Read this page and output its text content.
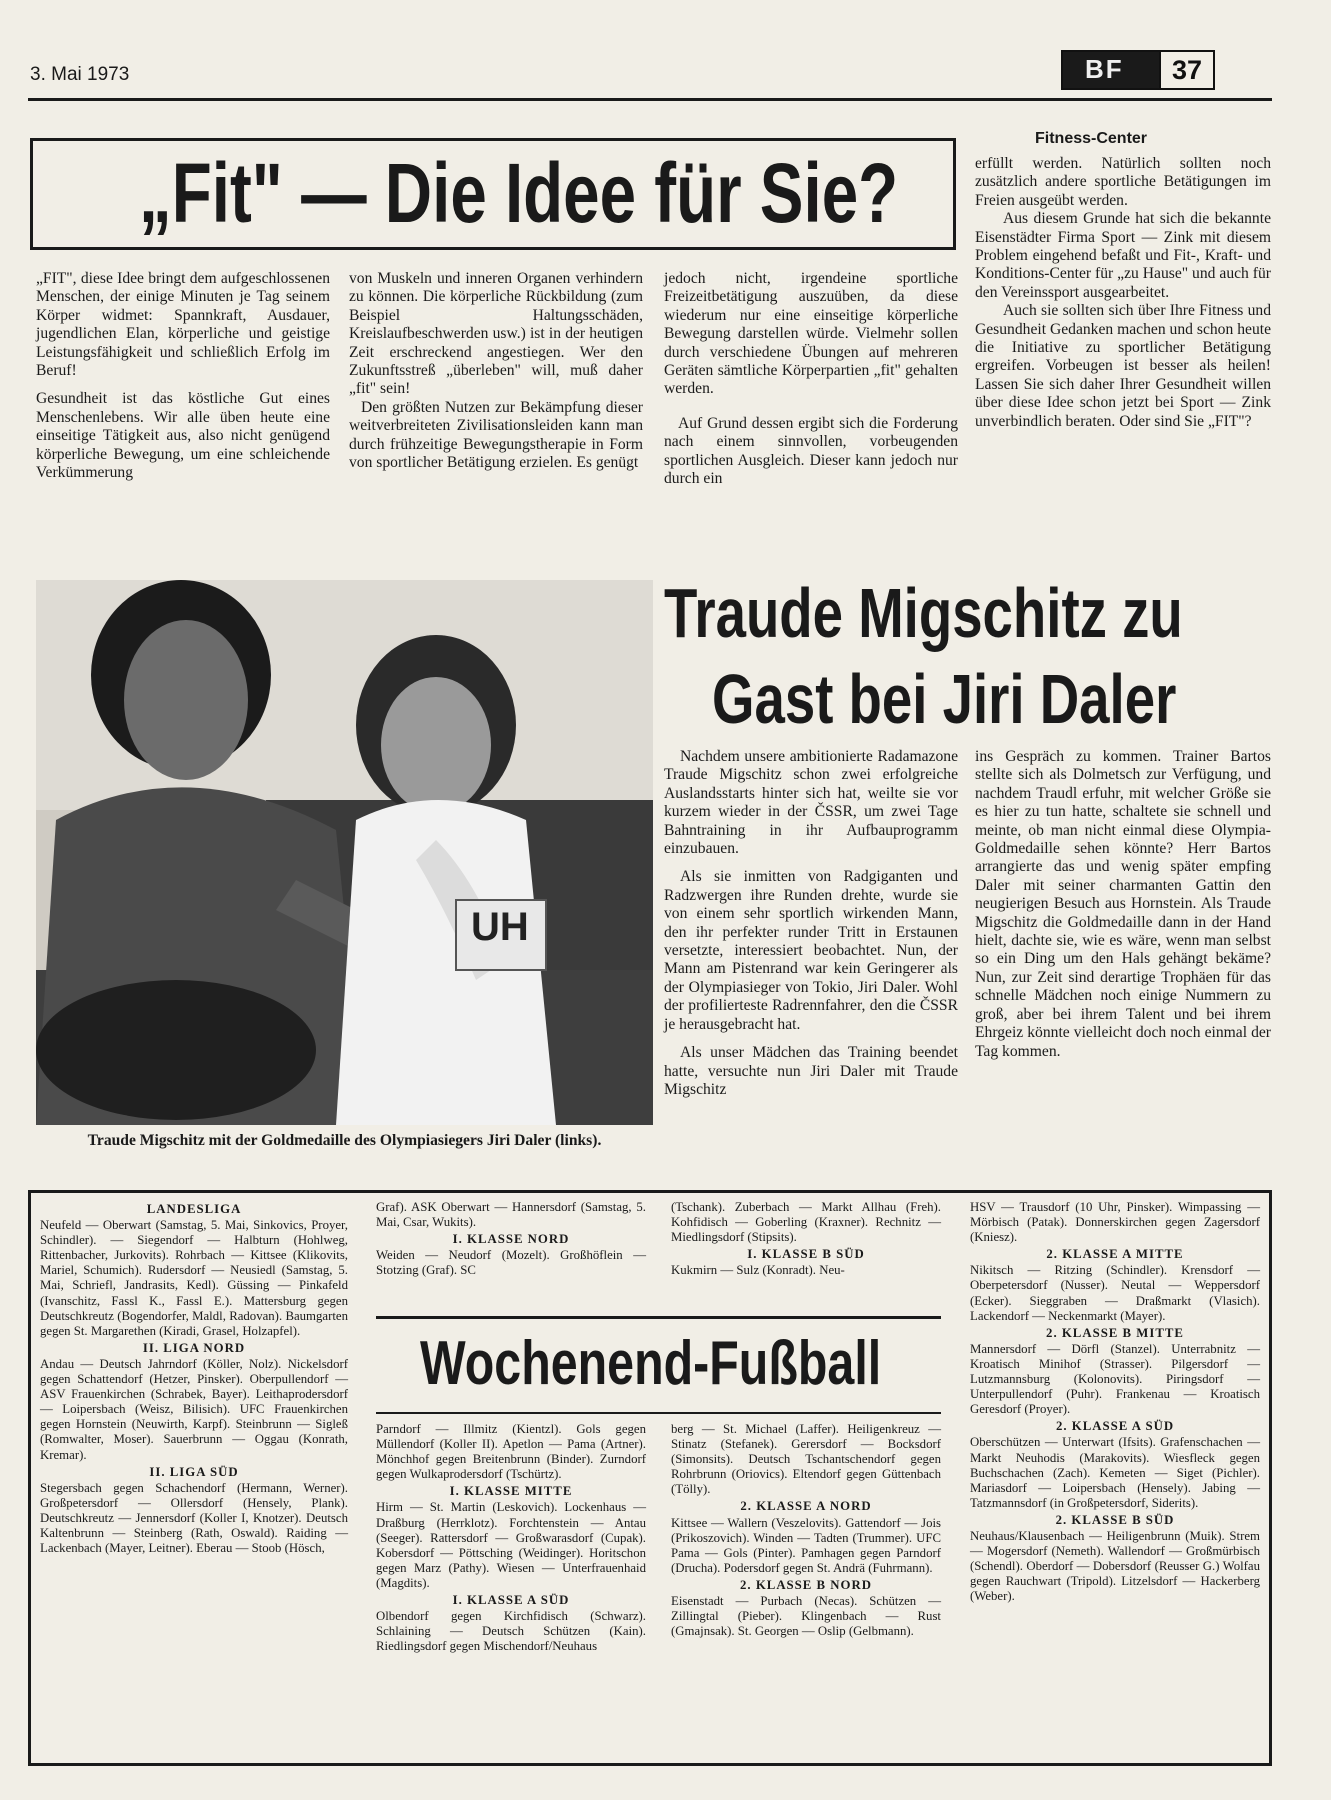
3. Mai 1973	BF	37
„Fit" — Die Idee für Sie?

„FIT", diese Idee bringt dem aufgeschlossenen Menschen, der einige Minuten je Tag seinem Körper widmet: Spannkraft, Ausdauer, jugendlichen Elan, körperliche und geistige Leistungsfähigkeit und schließlich Erfolg im Beruf!

Gesundheit ist das köstliche Gut eines Menschenlebens. Wir alle üben heute eine einseitige Tätigkeit aus, also nicht genügend körperliche Bewegung, um eine schleichende Verkümmerung

von Muskeln und inneren Organen verhindern zu können. Die körperliche Rückbildung (zum Beispiel Haltungsschäden, Kreislaufbeschwerden usw.) ist in der heutigen Zeit erschreckend angestiegen. Wer den Zukunftsstreß „überleben" will, muß daher „fit" sein!

Den größten Nutzen zur Bekämpfung dieser weitverbreiteten Zivilisationsleiden kann man durch frühzeitige Bewegungstherapie in Form von sportlicher Betätigung erzielen. Es genügt

jedoch nicht, irgendeine sportliche Freizeitbetätigung auszuüben, da diese wiederum nur eine einseitige körperliche Bewegung darstellen würde. Vielmehr sollen durch verschiedene Übungen auf mehreren Geräten sämtliche Körperpartien „fit" gehalten werden.

Auf Grund dessen ergibt sich die Forderung nach einem sinnvollen, vorbeugenden sportlichen Ausgleich. Dieser kann jedoch nur durch ein

Fitness-Center

erfüllt werden. Natürlich sollten noch zusätzlich andere sportliche Betätigungen im Freien ausgeübt werden.

Aus diesem Grunde hat sich die bekannte Eisenstädter Firma Sport — Zink mit diesem Problem eingehend befaßt und Fit-, Kraft- und Konditions-Center für „zu Hause" und auch für den Vereinssport ausgearbeitet.

Auch sie sollten sich über Ihre Fitness und Gesundheit Gedanken machen und schon heute die Initiative zu sportlicher Betätigung ergreifen. Vorbeugen ist besser als heilen! Lassen Sie sich daher Ihrer Gesundheit willen über diese Idee schon jetzt bei Sport — Zink unverbindlich beraten. Oder sind Sie „FIT"?

UH
Traude Migschitz mit der Goldmedaille des Olympiasiegers Jiri Daler (links).
Traude Migschitz zu
Gast bei Jiri Daler

Nachdem unsere ambitionierte Radamazone Traude Migschitz schon zwei erfolgreiche Auslandsstarts hinter sich hat, weilte sie vor kurzem wieder in der ČSSR, um zwei Tage Bahntraining in ihr Aufbauprogramm einzubauen.

Als sie inmitten von Radgiganten und Radzwergen ihre Runden drehte, wurde sie von einem sehr sportlich wirkenden Mann, den ihr perfekter runder Tritt in Erstaunen versetzte, interessiert beobachtet. Nun, der Mann am Pistenrand war kein Geringerer als der Olympiasieger von Tokio, Jiri Daler. Wohl der profilierteste Radrennfahrer, den die ČSSR je herausgebracht hat.

Als unser Mädchen das Training beendet hatte, versuchte nun Jiri Daler mit Traude Migschitz

ins Gespräch zu kommen. Trainer Bartos stellte sich als Dolmetsch zur Verfügung, und nachdem Traudl erfuhr, mit welcher Größe sie es hier zu tun hatte, schaltete sie schnell und meinte, ob man nicht einmal diese Olympia-Goldmedaille sehen könnte? Herr Bartos arrangierte das und wenig später empfing Daler mit seiner charmanten Gattin den neugierigen Besuch aus Hornstein. Als Traude Migschitz die Goldmedaille dann in der Hand hielt, dachte sie, wie es wäre, wenn man selbst so ein Ding um den Hals gehängt bekäme? Nun, zur Zeit sind derartige Trophäen für das schnelle Mädchen noch einige Nummern zu groß, aber bei ihrem Talent und bei ihrem Ehrgeiz könnte vielleicht doch noch einmal der Tag kommen.

LANDESLIGA
Neufeld — Oberwart (Samstag, 5. Mai, Sinkovics, Proyer, Schindler). — Siegendorf — Halbturn (Hohlweg, Rittenbacher, Jurkovits). Rohrbach — Kittsee (Klikovits, Mariel, Schumich). Rudersdorf — Neusiedl (Samstag, 5. Mai, Schriefl, Jandrasits, Kedl). Güssing — Pinkafeld (Ivanschitz, Fassl K., Fassl E.). Mattersburg gegen Deutschkreutz (Bogendorfer, Maldl, Radovan). Baumgarten gegen St. Margarethen (Kiradi, Grasel, Holzapfel).
II. LIGA NORD
Andau — Deutsch Jahrndorf (Köller, Nolz). Nickelsdorf gegen Schattendorf (Hetzer, Pinsker). Oberpullendorf — ASV Frauenkirchen (Schrabek, Bayer). Leithaprodersdorf — Loipersbach (Weisz, Bilisich). UFC Frauenkirchen gegen Hornstein (Neuwirth, Karpf). Steinbrunn — Sigleß (Romwalter, Moser). Sauerbrunn — Oggau (Konrath, Kremar).
II. LIGA SÜD
Stegersbach gegen Schachendorf (Hermann, Werner). Großpetersdorf — Ollersdorf (Hensely, Plank). Deutschkreutz — Jennersdorf (Koller I, Knotzer). Deutsch Kaltenbrunn — Steinberg (Rath, Oswald). Raiding — Lackenbach (Mayer, Leitner). Eberau — Stoob (Hösch,
Graf). ASK Oberwart — Hannersdorf (Samstag, 5. Mai, Csar, Wukits).
I. KLASSE NORD
Weiden — Neudorf (Mozelt). Großhöflein — Stotzing (Graf). SC
(Tschank). Zuberbach — Markt Allhau (Freh). Kohfidisch — Goberling (Kraxner). Rechnitz — Miedlingsdorf (Stipsits).
I. KLASSE B SÜD
Kukmirn — Sulz (Konradt). Neu-
Wochenend-Fußball
Parndorf — Illmitz (Kientzl). Gols gegen Müllendorf (Koller II). Apetlon — Pama (Artner). Mönchhof gegen Breitenbrunn (Binder). Zurndorf gegen Wulkaprodersdorf (Tschürtz).
I. KLASSE MITTE
Hirm — St. Martin (Leskovich). Lockenhaus — Draßburg (Herrklotz). Forchtenstein — Antau (Seeger). Rattersdorf — Großwarasdorf (Cupak). Kobersdorf — Pöttsching (Weidinger). Horitschon gegen Marz (Pathy). Wiesen — Unterfrauenhaid (Magdits).
I. KLASSE A SÜD
Olbendorf gegen Kirchfidisch (Schwarz). Schlaining — Deutsch Schützen (Kain). Riedlingsdorf gegen Mischendorf/Neuhaus
berg — St. Michael (Laffer). Heiligenkreuz — Stinatz (Stefanek). Gerersdorf — Bocksdorf (Simonsits). Deutsch Tschantschendorf gegen Rohrbrunn (Oriovics). Eltendorf gegen Güttenbach (Tölly).
2. KLASSE A NORD
Kittsee — Wallern (Veszelovits). Gattendorf — Jois (Prikoszovich). Winden — Tadten (Trummer). UFC Pama — Gols (Pinter). Pamhagen gegen Parndorf (Drucha). Podersdorf gegen St. Andrä (Fuhrmann).
2. KLASSE B NORD
Eisenstadt — Purbach (Necas). Schützen — Zillingtal (Pieber). Klingenbach — Rust (Gmajnsak). St. Georgen — Oslip (Gelbmann).
HSV — Trausdorf (10 Uhr, Pinsker). Wimpassing — Mörbisch (Patak). Donnerskirchen gegen Zagersdorf (Kniesz).
2. KLASSE A MITTE
Nikitsch — Ritzing (Schindler). Krensdorf — Oberpetersdorf (Nusser). Neutal — Weppersdorf (Ecker). Sieggraben — Draßmarkt (Vlasich). Lackendorf — Neckenmarkt (Mayer).
2. KLASSE B MITTE
Mannersdorf — Dörfl (Stanzel). Unterrabnitz — Kroatisch Minihof (Strasser). Pilgersdorf — Lutzmannsburg (Kolonovits). Piringsdorf — Unterpullendorf (Puhr). Frankenau — Kroatisch Geresdorf (Proyer).
2. KLASSE A SÜD
Oberschützen — Unterwart (Ifsits). Grafenschachen — Markt Neuhodis (Marakovits). Wiesfleck gegen Buchschachen (Zach). Kemeten — Siget (Pichler). Mariasdorf — Loipersbach (Hensely). Jabing — Tatzmannsdorf (in Großpetersdorf, Siderits).
2. KLASSE B SÜD
Neuhaus/Klausenbach — Heiligenbrunn (Muik). Strem — Mogersdorf (Nemeth). Wallendorf — Großmürbisch (Schendl). Oberdorf — Dobersdorf (Reusser G.) Wolfau gegen Rauchwart (Tripold). Litzelsdorf — Hackerberg (Weber).
